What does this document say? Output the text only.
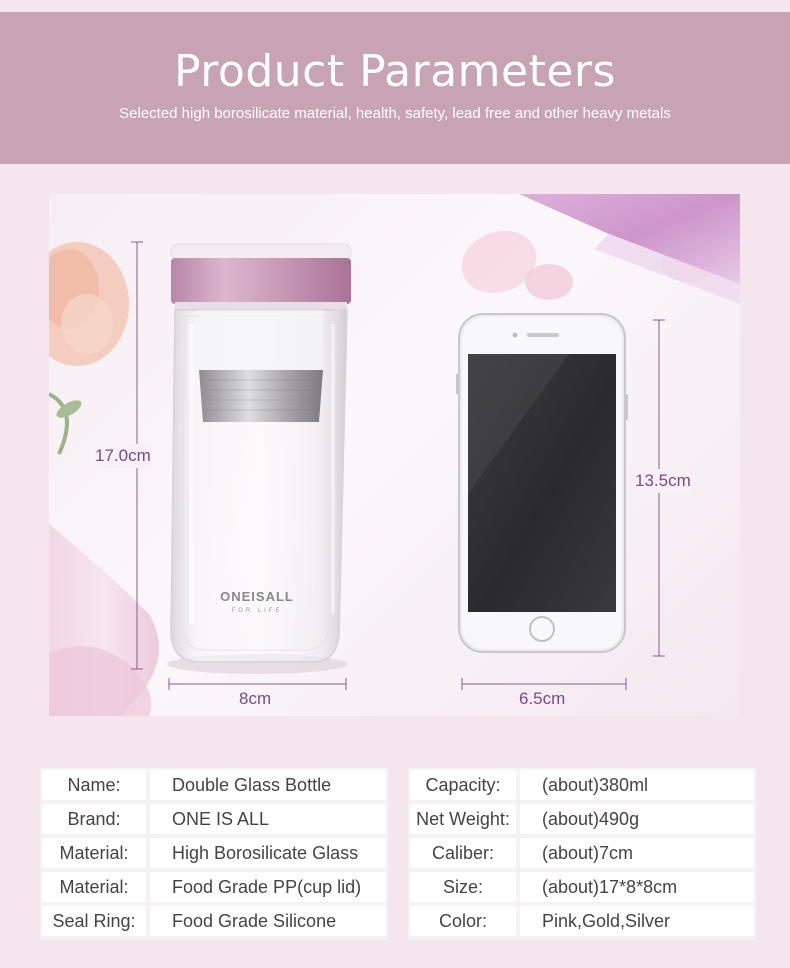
Product Parameters
Selected high borosilicate material, health, safety, lead free and other heavy metals
ONEISALL
FOR LIFE
17.0cm
8cm
13.5cm
6.5cm
Name:	Double Glass Bottle
Brand:	ONE IS ALL
Material:	High Borosilicate Glass
Material:	Food Grade PP(cup lid)
Seal Ring:	Food Grade Silicone
Capacity:	(about)380ml
Net Weight:	(about)490g
Caliber:	(about)7cm
Size:	(about)17*8*8cm
Color:	Pink,Gold,Silver
